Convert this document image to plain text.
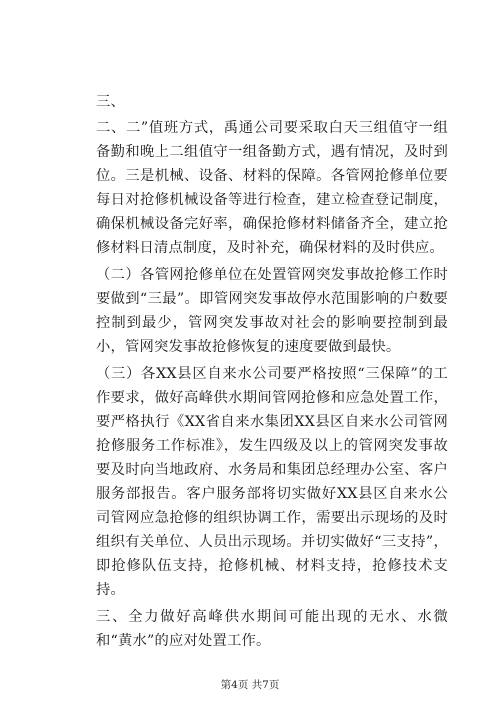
三、

二、二”值班方式，禹通公司要采取白天三组值守一组备勤和晚上二组值守一组备勤方式，遇有情况，及时到位。三是机械、设备、材料的保障。各管网抢修单位要每日对抢修机械设备等进行检查，建立检查登记制度，确保机械设备完好率，确保抢修材料储备齐全，建立抢修材料日清点制度，及时补充，确保材料的及时供应。

（二）各管网抢修单位在处置管网突发事故抢修工作时要做到“三最”。即管网突发事故停水范围影响的户数要控制到最少，管网突发事故对社会的影响要控制到最小，管网突发事故抢修恢复的速度要做到最快。

（三）各XX县区自来水公司要严格按照“三保障”的工作要求，做好高峰供水期间管网抢修和应急处置工作，要严格执行《XX省自来水集团XX县区自来水公司管网抢修服务工作标准》，发生四级及以上的管网突发事故要及时向当地政府、水务局和集团总经理办公室、客户服务部报告。客户服务部将切实做好XX县区自来水公司管网应急抢修的组织协调工作，需要出示现场的及时组织有关单位、人员出示现场。并切实做好“三支持”，即抢修队伍支持，抢修机械、材料支持，抢修技术支持。

三、全力做好高峰供水期间可能出现的无水、水微和“黄水”的应对处置工作。

第4页 共7页
